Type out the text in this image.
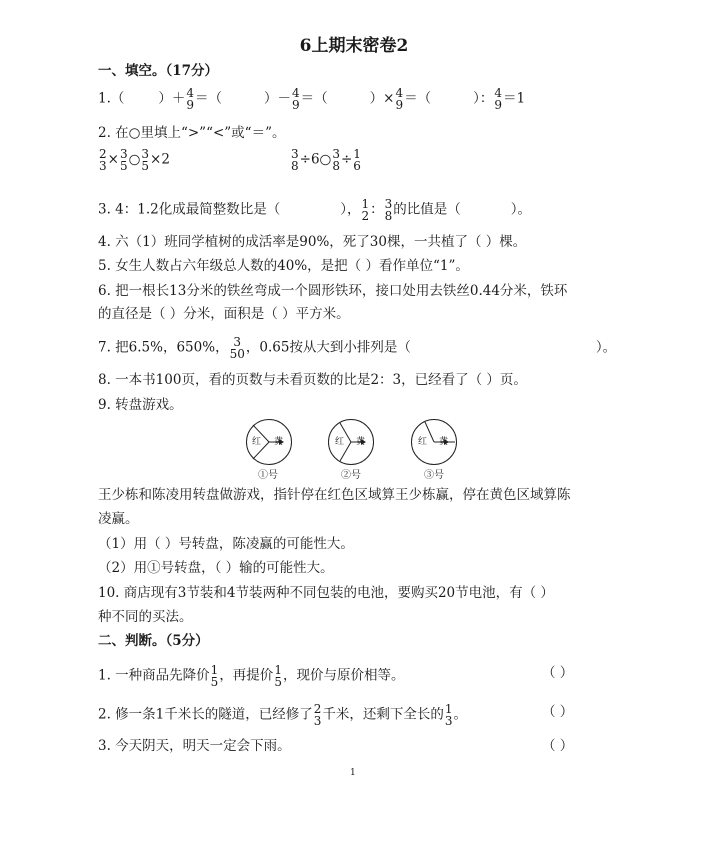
6上期末密卷2
一、填空。（17分）
1.（	）＋ 4
9 ＝（	）－ 4
9 ＝（	）× 4
9 ＝（	）： 4
9 ＝1
2. 在○里填上“>”“<”或“＝”。
2
3 × 3
5 ○ 3
5 ×2	3
8 ÷6○ 3
8 ÷ 1
6
3. 4：1.2化成最简整数比是（	）， 1
2 ： 3
8 的比值是（	）。
4. 六（1）班同学植树的成活率是90%，死了30棵，一共植了（ ）棵。
5. 女生人数占六年级总人数的40%，是把（ ）看作单位“1”。
6. 把一根长13分米的铁丝弯成一个圆形铁环，接口处用去铁丝0.44分米，铁环
的直径是（ ）分米，面积是（ ）平方米。
7. 把6.5%，650%， 3
50 ，0.65按从大到小排列是（	）。
8. 一本书100页，看的页数与未看页数的比是2：3，已经看了（ ）页。
9. 转盘游戏。
红 黄
①号
红 黄
②号
红 黄
③号
王少栋和陈凌用转盘做游戏，指针停在红色区域算王少栋赢，停在黄色区域算陈
凌赢。
（1）用（ ）号转盘，陈凌赢的可能性大。
（2）用①号转盘，（ ）输的可能性大。
10. 商店现有3节装和4节装两种不同包装的电池，要购买20节电池，有（ ）
种不同的买法。
二、判断。（5分）
1. 一种商品先降价 1
5 ，再提价 1
5 ，现价与原价相等。	（ ）
2. 修一条1千米长的隧道，已经修了 2
3 千米，还剩下全长的 1
3 。	（ ）
3. 今天阴天，明天一定会下雨。	（ ）
1
